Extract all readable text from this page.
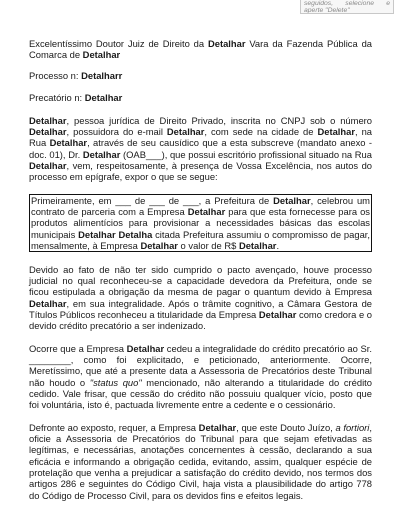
seguidos, selecione e aperte "Delete"

Excelentíssimo Doutor Juiz de Direito da Detalhar Vara da Fazenda Pública da Comarca de Detalhar

Processo n: Detalharr

Precatório n: Detalhar

Detalhar, pessoa jurídica de Direito Privado, inscrita no CNPJ sob o número Detalhar, possuidora do e-mail Detalhar, com sede na cidade de Detalhar, na Rua Detalhar, através de seu causídico que a esta subscreve (mandato anexo - doc. 01), Dr. Detalhar (OAB___), que possui escritório profissional situado na Rua Detalhar, vem, respeitosamente, à presença de Vossa Excelência, nos autos do processo em epígrafe, expor o que se segue:

Primeiramente, em ___ de ___ de ___, a Prefeitura de Detalhar, celebrou um contrato de parceria com a Empresa Detalhar para que esta fornecesse para os produtos alimentícios para provisionar a necessidades básicas das escolas municipais Detalhar Detalha citada Prefeitura assumiu o compromisso de pagar, mensalmente, à Empresa Detalhar o valor de R$ Detalhar.

Devido ao fato de não ter sido cumprido o pacto avençado, houve processo judicial no qual reconheceu-se a capacidade devedora da Prefeitura, onde se ficou estipulada a obrigação da mesma de pagar o quantum devido à Empresa Detalhar, em sua integralidade. Após o trâmite cognitivo, a Câmara Gestora de Títulos Públicos reconheceu a titularidade da Empresa Detalhar como credora e o devido crédito precatório a ser indenizado.

Ocorre que a Empresa Detalhar cedeu a integralidade do crédito precatório ao Sr. ________, como foi explicitado, e peticionado, anteriormente. Ocorre, Meretíssimo, que até a presente data a Assessoria de Precatórios deste Tribunal não houdo o "status quo" mencionado, não alterando a titularidade do crédito cedido. Vale frisar, que cessão do crédito não possuiu qualquer vício, posto que foi voluntária, isto é, pactuada livremente entre a cedente e o cessionário.

Defronte ao exposto, requer, a Empresa Detalhar, que este Douto Juízo, a fortiori, oficie a Assessoria de Precatórios do Tribunal para que sejam efetivadas as legítimas, e necessárias, anotações concernentes à cessão, declarando a sua eficácia e informando a obrigação cedida, evitando, assim, qualquer espécie de protelação que venha a prejudicar a satisfação do crédito devido, nos termos dos artigos 286 e seguintes do Código Civil, haja vista a plausibilidade do artigo 778 do Código de Processo Civil, para os devidos fins e efeitos legais.
